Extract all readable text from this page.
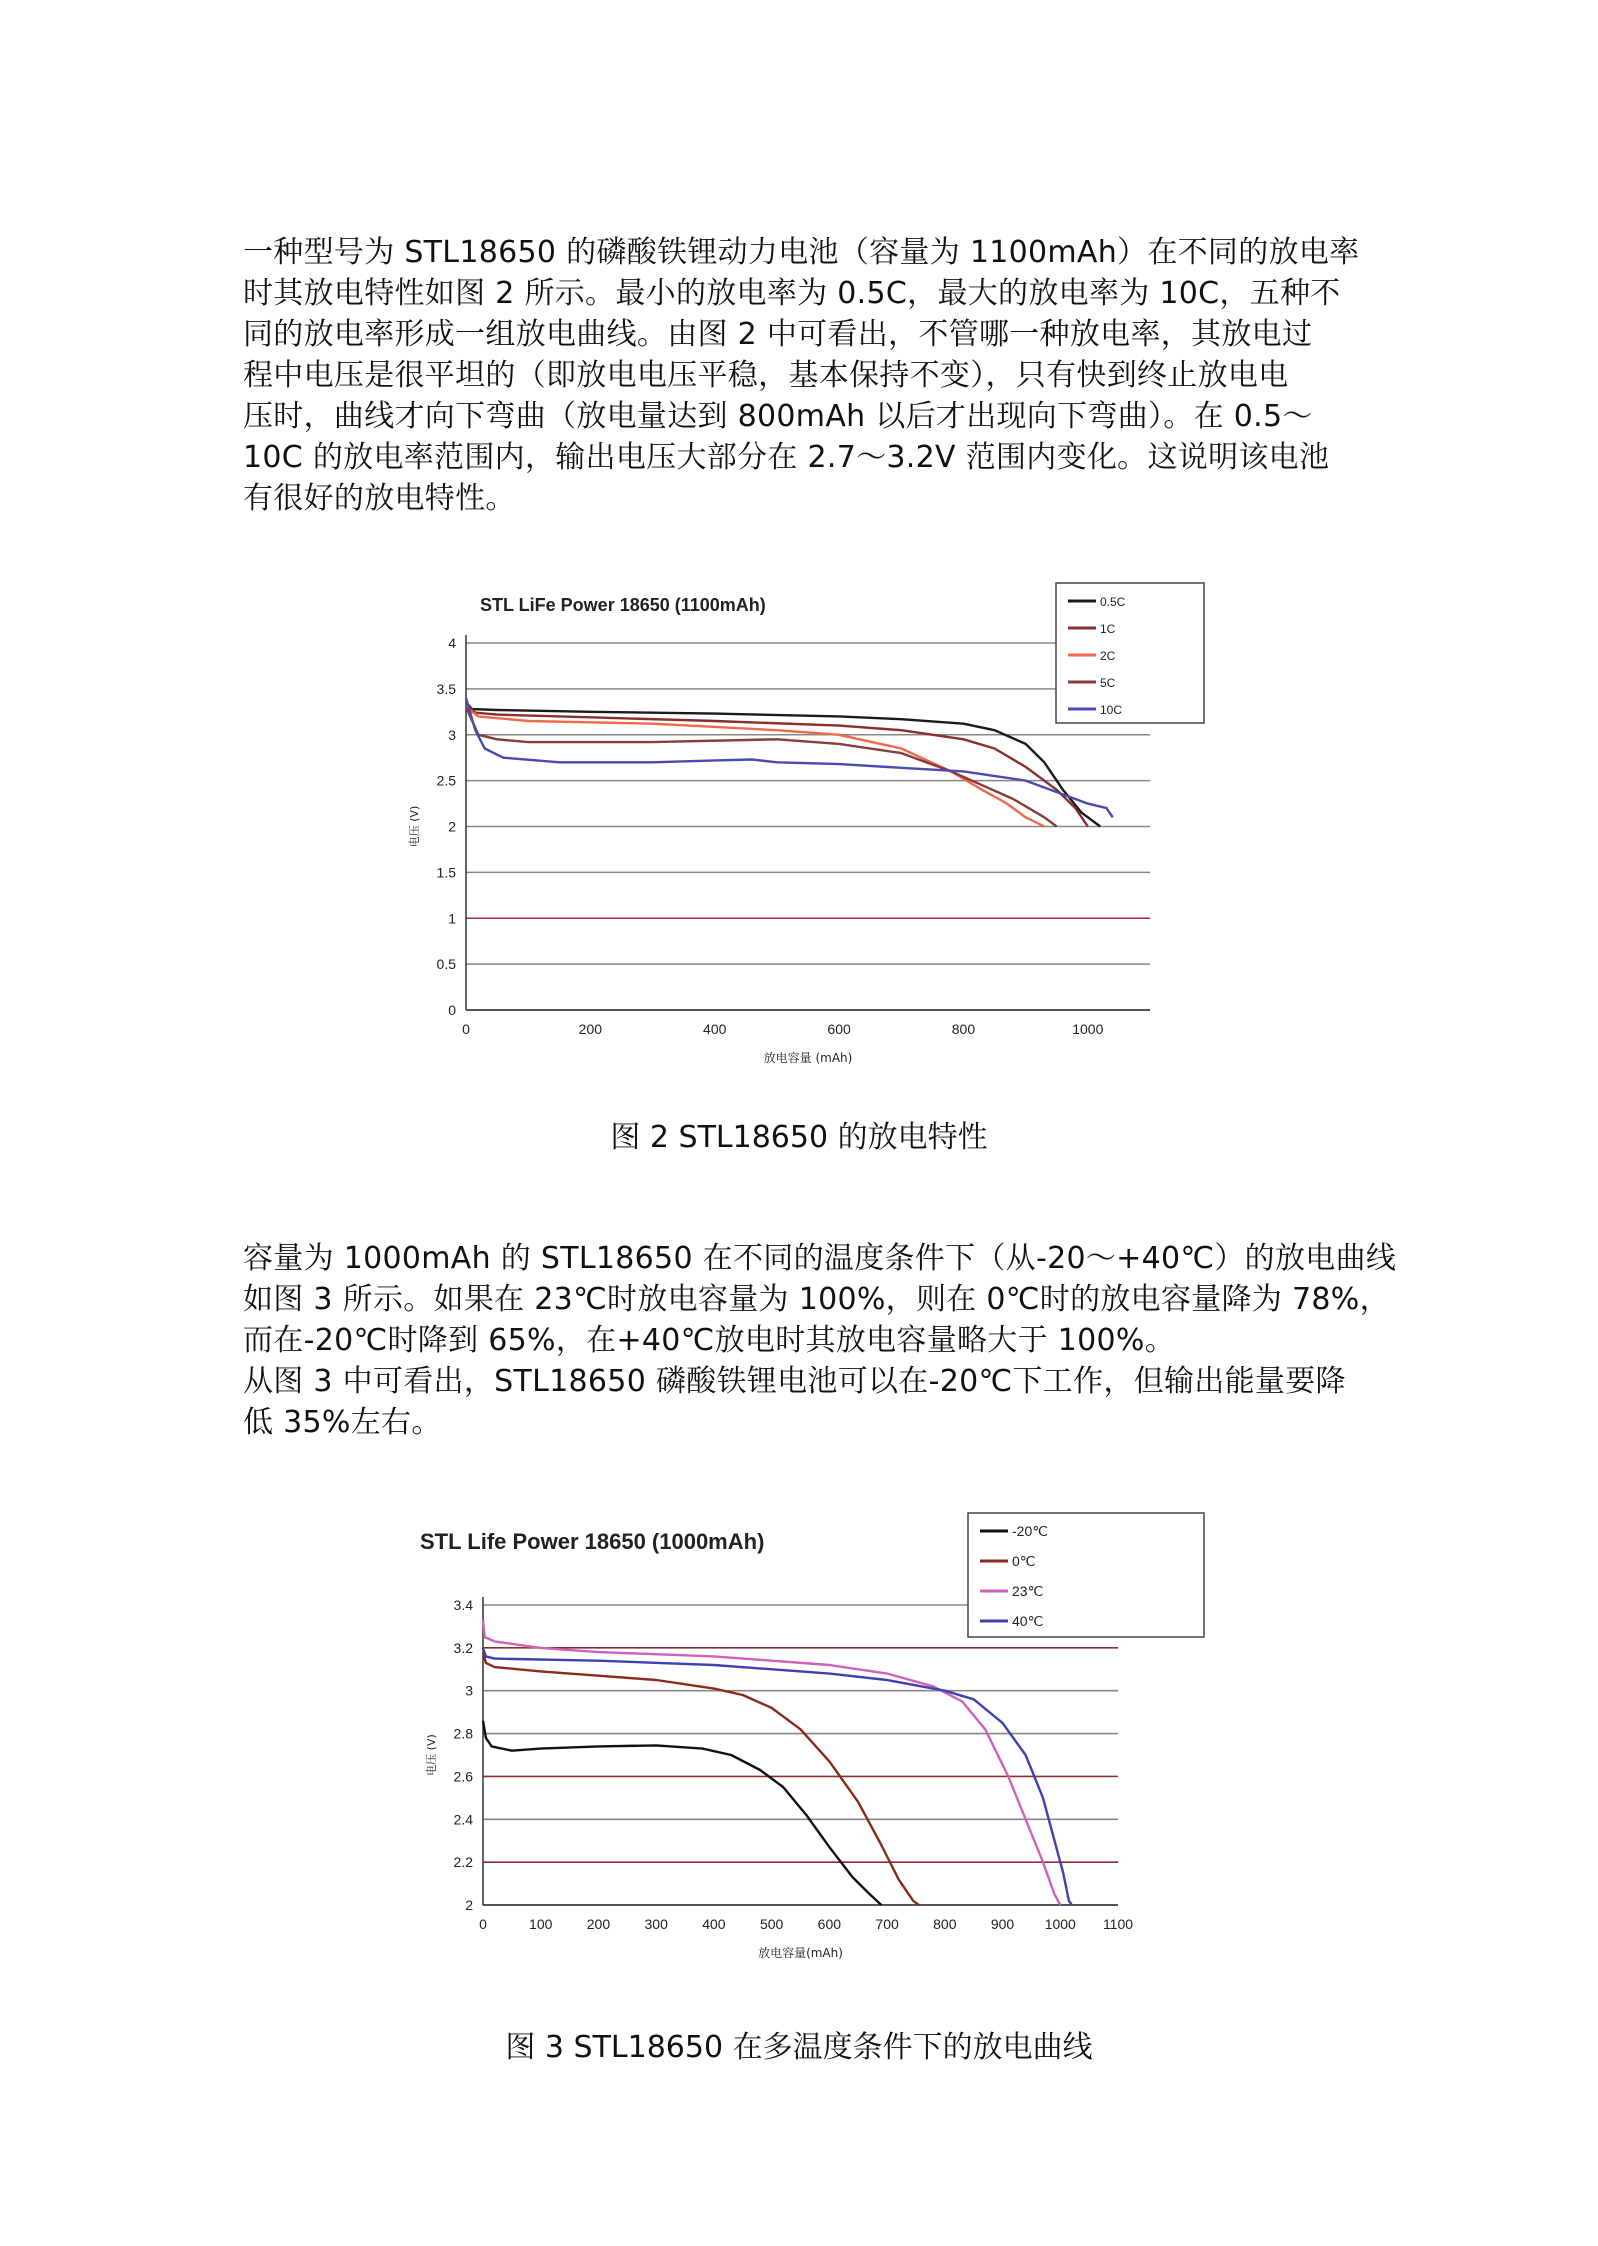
一种型号为 STL18650 的磷酸铁锂动力电池（容量为 1100mAh）在不同的放电率
时其放电特性如图 2 所示。最小的放电率为 0.5C，最大的放电率为 10C，五种不
同的放电率形成一组放电曲线。由图 2 中可看出，不管哪一种放电率，其放电过
程中电压是很平坦的（即放电电压平稳，基本保持不变），只有快到终止放电电
压时，曲线才向下弯曲（放电量达到 800mAh 以后才出现向下弯曲）。在 0.5～
10C 的放电率范围内，输出电压大部分在 2.7～3.2V 范围内变化。这说明该电池
有很好的放电特性。
STL LiFe Power 18650 (1100mAh)
0
0.5
1
1.5
2
2.5
3
3.5
4
0	200	400	600	800	1000
放电容量 (mAh)
电压 (V)
0.5C
1C
2C
5C
10C
图 2 STL18650 的放电特性
容量为 1000mAh 的 STL18650 在不同的温度条件下（从-20～+40℃）的放电曲线
如图 3 所示。如果在 23℃时放电容量为 100%，则在 0℃时的放电容量降为 78%，
而在-20℃时降到 65%，在+40℃放电时其放电容量略大于 100%。
从图 3 中可看出，STL18650 磷酸铁锂电池可以在-20℃下工作，但输出能量要降
低 35%左右。
STL Life Power 18650 (1000mAh)
2
2.2
2.4
2.6
2.8
3
3.2
3.4
0	100 200 300 400 500 600 700 800 900 1000 1100
放电容量(mAh)
电压 (V)
-20℃
0℃
23℃
40℃
图 3 STL18650 在多温度条件下的放电曲线
